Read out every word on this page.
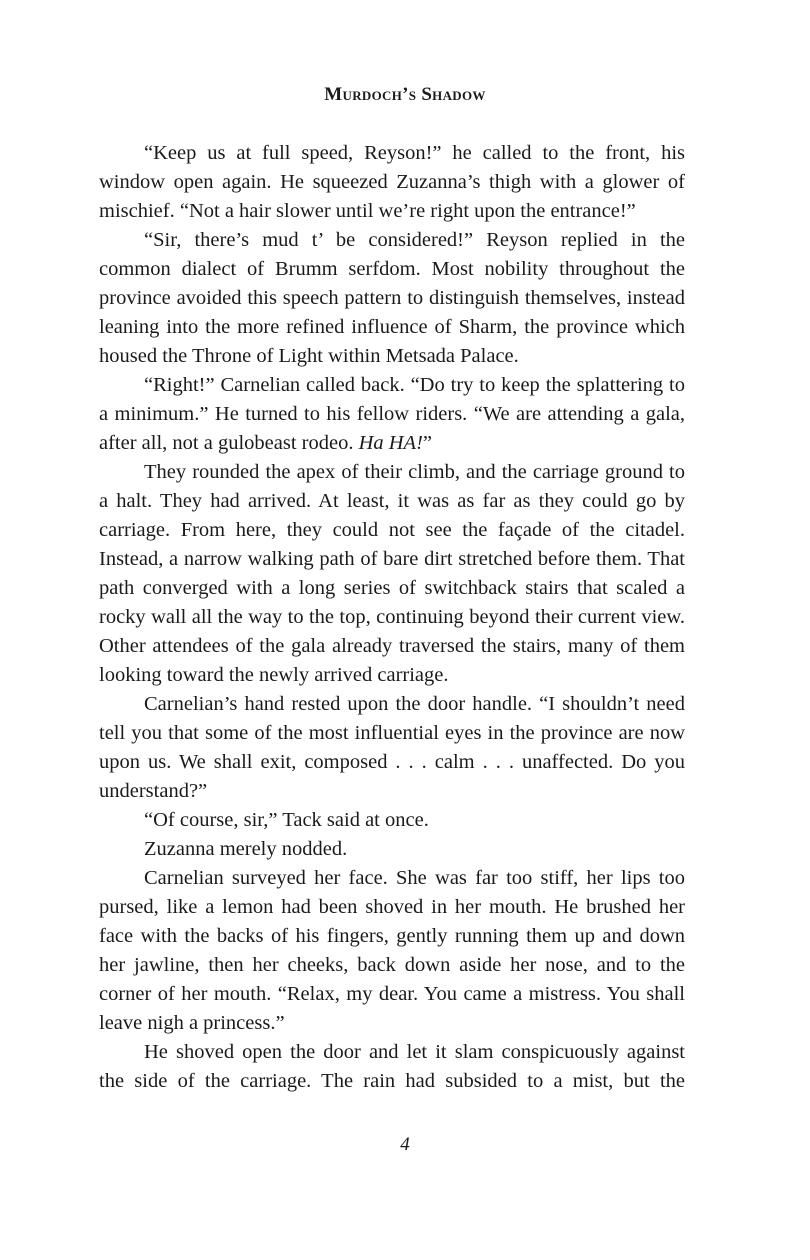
Murdoch’s Shadow

“Keep us at full speed, Reyson!” he called to the front, his window open again. He squeezed Zuzanna’s thigh with a glower of mischief. “Not a hair slower until we’re right upon the entrance!”

“Sir, there’s mud t’ be considered!” Reyson replied in the common dialect of Brumm serfdom. Most nobility throughout the province avoided this speech pattern to distinguish themselves, instead leaning into the more refined influence of Sharm, the province which housed the Throne of Light within Metsada Palace.

“Right!” Carnelian called back. “Do try to keep the splattering to a minimum.” He turned to his fellow riders. “We are attending a gala, after all, not a gulobeast rodeo. Ha HA!”

They rounded the apex of their climb, and the carriage ground to a halt. They had arrived. At least, it was as far as they could go by carriage. From here, they could not see the façade of the citadel. Instead, a narrow walking path of bare dirt stretched before them. That path converged with a long series of switchback stairs that scaled a rocky wall all the way to the top, continuing beyond their current view. Other attendees of the gala already traversed the stairs, many of them looking toward the newly arrived carriage.

Carnelian’s hand rested upon the door handle. “I shouldn’t need tell you that some of the most influential eyes in the province are now upon us. We shall exit, composed . . . calm . . . unaffected. Do you understand?”

“Of course, sir,” Tack said at once.

Zuzanna merely nodded.

Carnelian surveyed her face. She was far too stiff, her lips too pursed, like a lemon had been shoved in her mouth. He brushed her face with the backs of his fingers, gently running them up and down her jawline, then her cheeks, back down aside her nose, and to the corner of her mouth. “Relax, my dear. You came a mistress. You shall leave nigh a princess.”

He shoved open the door and let it slam conspicuously against the side of the carriage. The rain had subsided to a mist, but the

4
